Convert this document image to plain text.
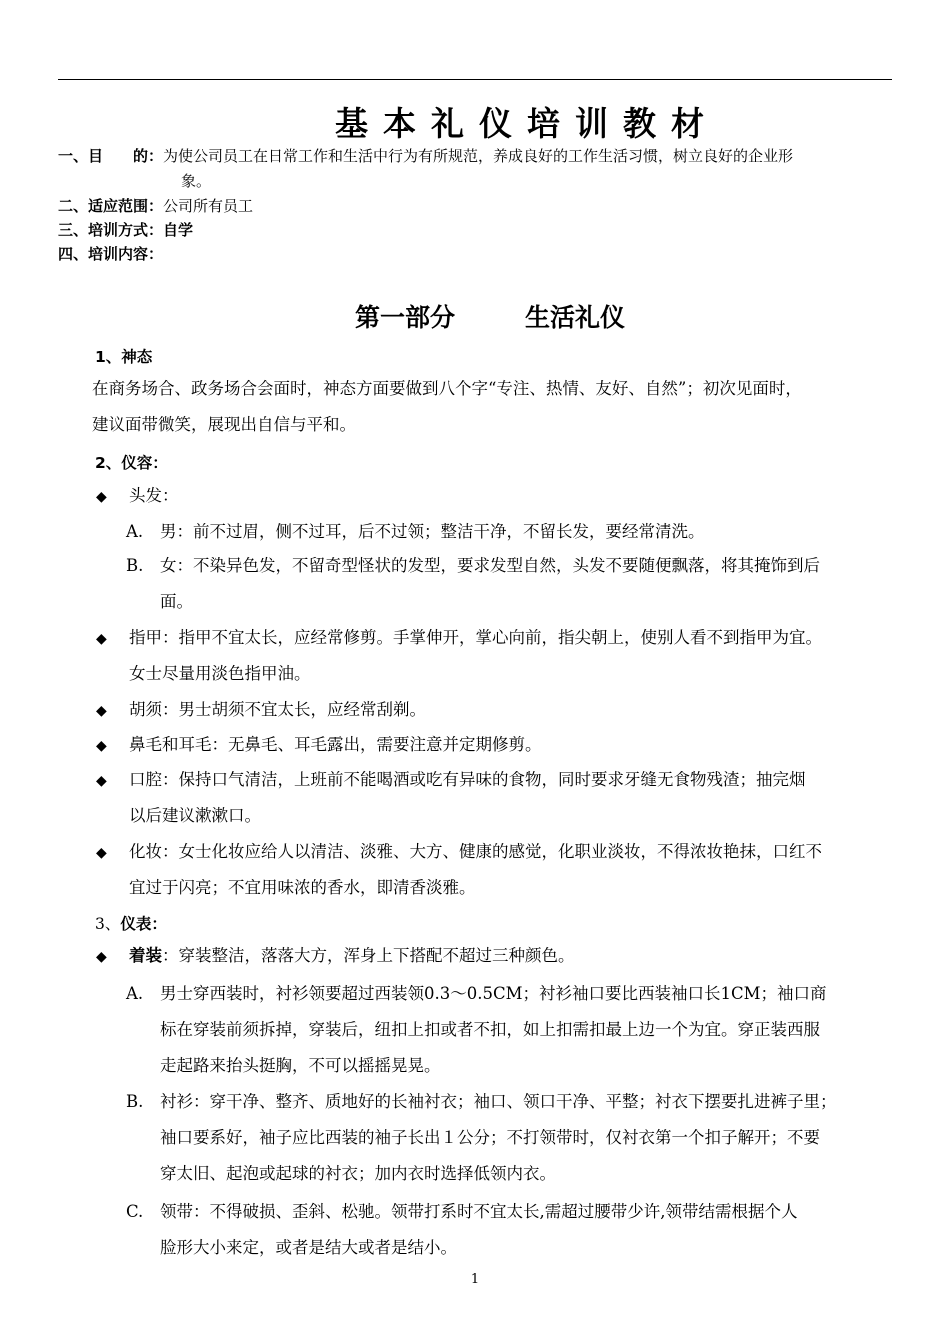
基本礼仪培训教材
一、目　　的：为使公司员工在日常工作和生活中行为有所规范，养成良好的工作生活习惯，树立良好的企业形
象。
二、适应范围：公司所有员工
三、培训方式：自学
四、培训内容：
第一部分	生活礼仪
1、神态
在商务场合、政务场合会面时，神态方面要做到八个字“专注、热情、友好、自然”；初次见面时，
建议面带微笑，展现出自信与平和。
2、仪容：
◆ 头发：
A. 男：前不过眉，侧不过耳，后不过领；整洁干净，不留长发，要经常清洗。
B. 女：不染异色发，不留奇型怪状的发型，要求发型自然，头发不要随便飘落，将其掩饰到后
面。
◆ 指甲：指甲不宜太长，应经常修剪。手掌伸开，掌心向前，指尖朝上，使别人看不到指甲为宜。
女士尽量用淡色指甲油。
◆ 胡须：男士胡须不宜太长，应经常刮剃。
◆ 鼻毛和耳毛：无鼻毛、耳毛露出，需要注意并定期修剪。
◆ 口腔：保持口气清洁，上班前不能喝酒或吃有异味的食物，同时要求牙缝无食物残渣；抽完烟
以后建议漱漱口。
◆ 化妆：女士化妆应给人以清洁、淡雅、大方、健康的感觉，化职业淡妆，不得浓妆艳抹，口红不
宜过于闪亮；不宜用味浓的香水，即清香淡雅。
3、仪表：
◆ 着装：穿装整洁，落落大方，浑身上下搭配不超过三种颜色。
A. 男士穿西装时，衬衫领要超过西装领0.3～0.5CM；衬衫袖口要比西装袖口长1CM；袖口商
标在穿装前须拆掉，穿装后，纽扣上扣或者不扣，如上扣需扣最上边一个为宜。穿正装西服
走起路来抬头挺胸，不可以摇摇晃晃。
B. 衬衫：穿干净、整齐、质地好的长袖衬衣；袖口、领口干净、平整；衬衣下摆要扎进裤子里；
袖口要系好，袖子应比西装的袖子长出１公分；不打领带时，仅衬衣第一个扣子解开；不要
穿太旧、起泡或起球的衬衣；加内衣时选择低领内衣。
C. 领带：不得破损、歪斜、松驰。领带打系时不宜太长,需超过腰带少许,领带结需根据个人
脸形大小来定，或者是结大或者是结小。
1
